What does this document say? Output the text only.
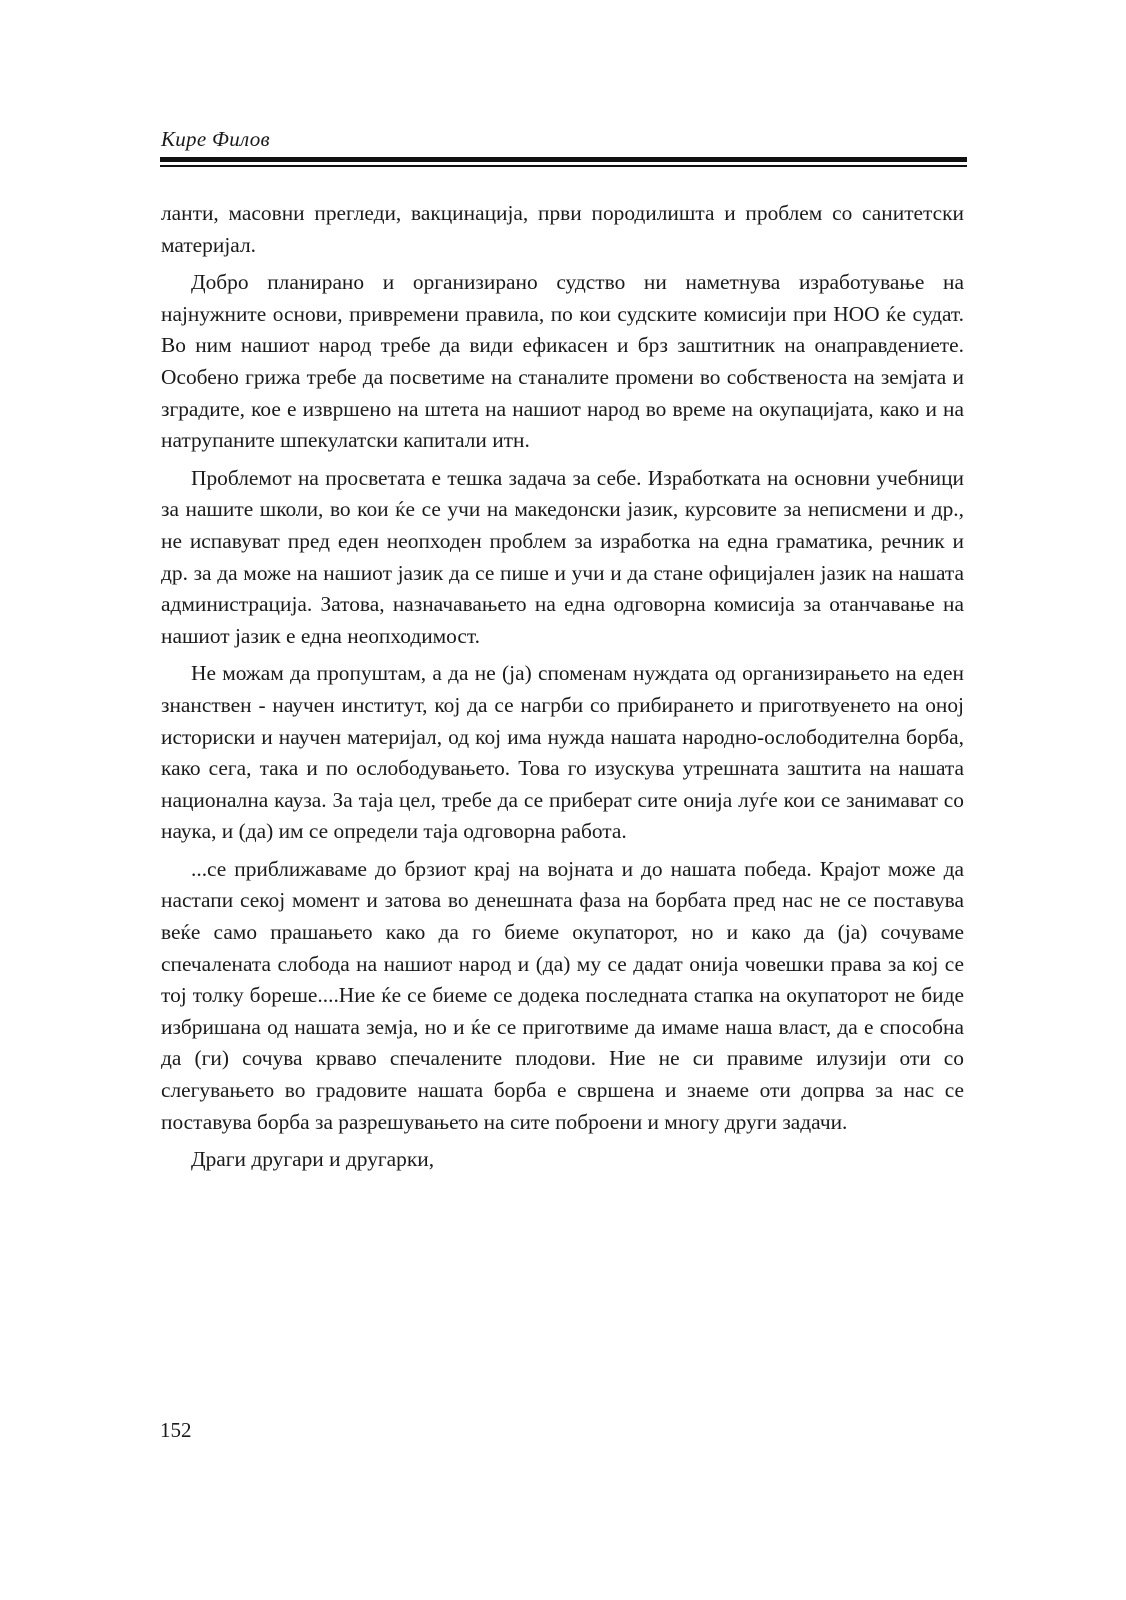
Кире Филов

ланти, масовни прегледи, вакцинација, први породилишта и проблем со санитетски материјал.

Добро планирано и организирано судство ни наметнува изработување на најнужните основи, привремени правила, по кои судските комисији при НОО ќе судат. Во ним нашиот народ требе да види ефикасен и брз заштитник на онаправдениете. Особено грижа требе да посветиме на станалите промени во собственоста на земјата и зградите, кое е извршено на штета на нашиот народ во време на окупацијата, како и на натрупаните шпекулатски капитали итн.

Проблемот на просветата е тешка задача за себе. Изработката на основни учебници за нашите школи, во кои ќе се учи на македонски јазик, курсовите за неписмени и др., не испавуват пред еден неопходен проблем за изработка на една граматика, речник и др. за да може на нашиот јазик да се пише и учи и да стане официјален јазик на нашата администрација. Затова, назначавањето на една одговорна комисија за отанчавање на нашиот јазик е една неопходимост.

Не можам да пропуштам, а да не (ја) споменам нуждата од организирањето на еден знанствен - научен институт, кој да се нагрби со прибирането и приготвуенето на оној историски и научен материјал, од кој има нужда нашата народно-ослободителна борба, како сега, така и по ослободувањето. Това го изускува утрешната заштита на нашата национална кауза. За таја цел, требе да се приберат сите онија луѓе кои се занимават со наука, и (да) им се определи таја одговорна работа.

...се приближаваме до брзиот крај на војната и до нашата победа. Крајот може да настапи секој момент и затова во денешната фаза на борбата пред нас не се поставува веќе само прашањето како да го биеме окупаторот, но и како да (ја) сочуваме спечалената слобода на нашиот народ и (да) му се дадат онија човешки права за кој се тој толку бореше....Ние ќе се биеме се додека последната стапка на окупаторот не биде избришана од нашата земја, но и ќе се приготвиме да имаме наша власт, да е способна да (ги) сочува крваво спечалените плодови. Ние не си правиме илузији оти со слегувањето во градовите нашата борба е свршена и знаеме оти допрва за нас се поставува борба за разрешувањето на сите поброени и многу други задачи.

Драги другари и другарки,

152
